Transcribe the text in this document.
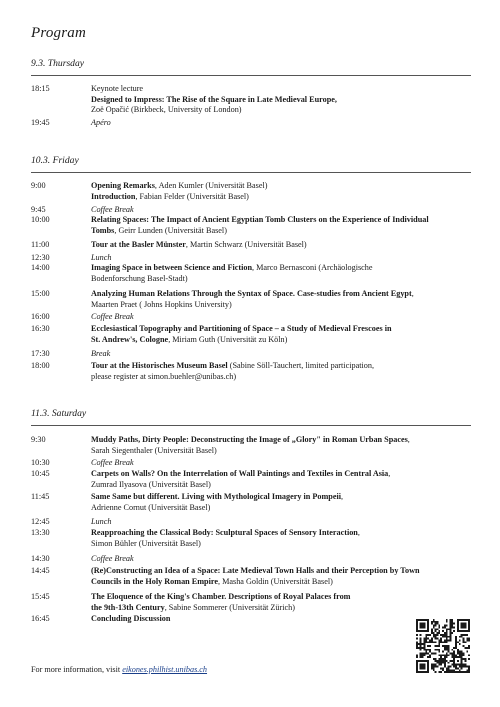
Program
9.3. Thursday
18:15	Keynote lecture
Designed to Impress: The Rise of the Square in Late Medieval Europe,
Zoë Opačić (Birkbeck, University of London)
19:45	Apéro
10.3. Friday
9:00	Opening Remarks, Aden Kumler (Universität Basel)
Introduction, Fabian Felder (Universität Basel)
9:45	Coffee Break
10:00	Relating Spaces: The Impact of Ancient Egyptian Tomb Clusters on the Experience of Individual
Tombs, Geirr Lunden (Universität Basel)
11:00	Tour at the Basler Münster, Martin Schwarz (Universität Basel)
12:30	Lunch
14:00	Imaging Space in between Science and Fiction, Marco Bernasconi (Archäologische
Bodenforschung Basel-Stadt)
15:00	Analyzing Human Relations Through the Syntax of Space. Case-studies from Ancient Egypt,
Maarten Praet ( Johns Hopkins University)
16:00	Coffee Break
16:30	Ecclesiastical Topography and Partitioning of Space – a Study of Medieval Frescoes in
St. Andrew's, Cologne, Miriam Guth (Universität zu Köln)
17:30	Break
18:00	Tour at the Historisches Museum Basel (Sabine Söll-Tauchert, limited participation,
please register at simon.buehler@unibas.ch)
11.3. Saturday
9:30	Muddy Paths, Dirty People: Deconstructing the Image of „Glory" in Roman Urban Spaces,
Sarah Siegenthaler (Universität Basel)
10:30	Coffee Break
10:45	Carpets on Walls? On the Interrelation of Wall Paintings and Textiles in Central Asia,
Zumrad Ilyasova (Universität Basel)
11:45	Same Same but different. Living with Mythological Imagery in Pompeii,
Adrienne Cornut (Universität Basel)
12:45	Lunch
13:30	Reapproaching the Classical Body: Sculptural Spaces of Sensory Interaction,
Simon Bühler (Universität Basel)
14:30	Coffee Break
14:45	(Re)Constructing an Idea of a Space: Late Medieval Town Halls and their Perception by Town
Councils in the Holy Roman Empire, Masha Goldin (Universität Basel)
15:45	The Eloquence of the King's Chamber. Descriptions of Royal Palaces from
the 9th-13th Century, Sabine Sommerer (Universität Zürich)
16:45	Concluding Discussion
For more information, visit eikones.philhist.unibas.ch
